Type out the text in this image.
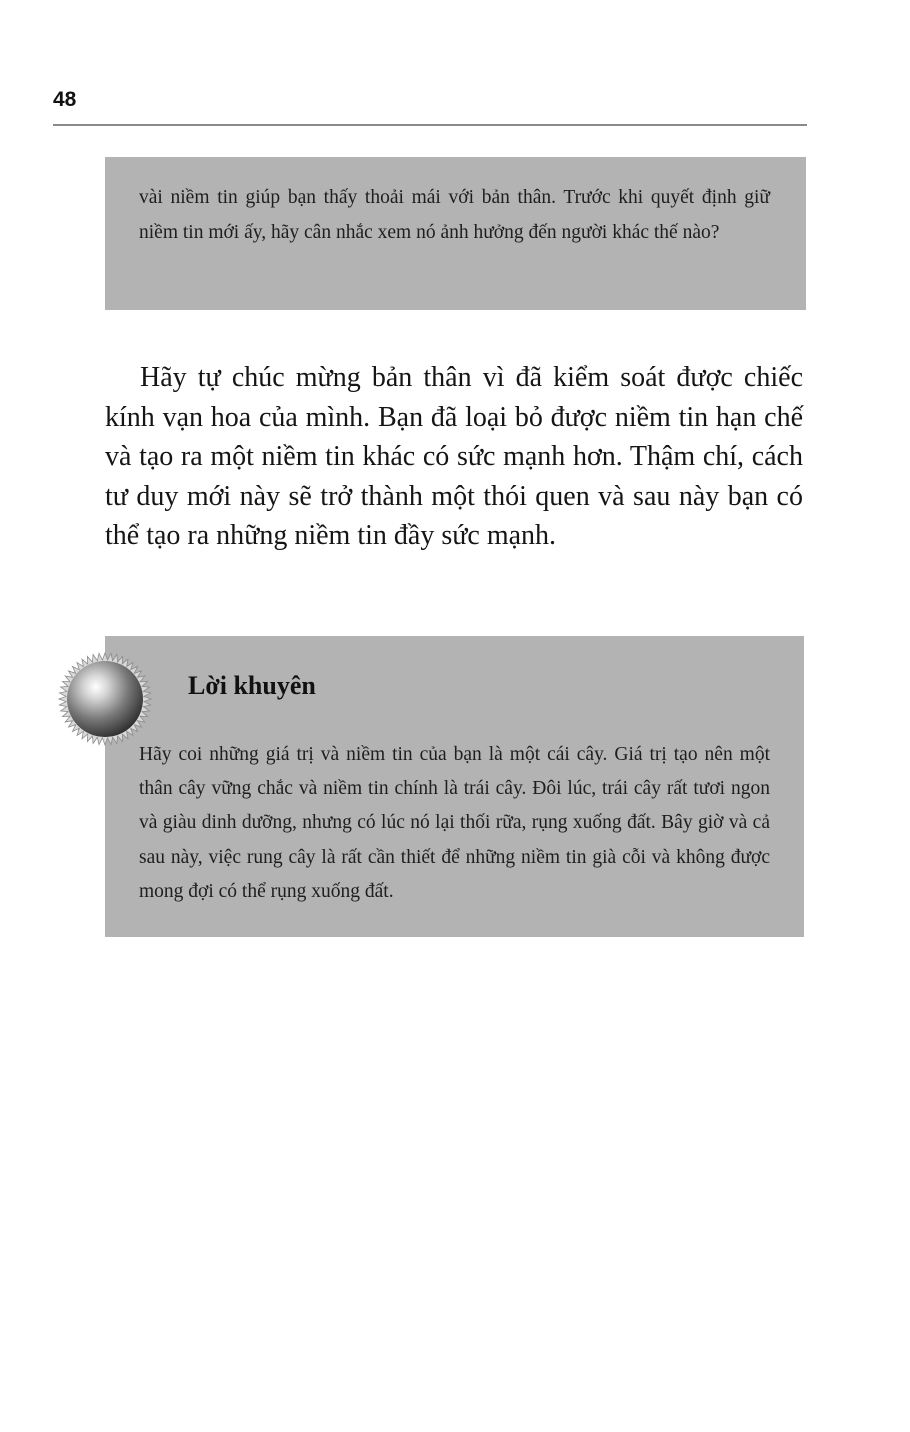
48

vài niềm tin giúp bạn thấy thoải mái với bản thân. Trước khi quyết định giữ niềm tin mới ấy, hãy cân nhắc xem nó ảnh hưởng đến người khác thế nào?

Hãy tự chúc mừng bản thân vì đã kiểm soát được chiếc kính vạn hoa của mình. Bạn đã loại bỏ được niềm tin hạn chế và tạo ra một niềm tin khác có sức mạnh hơn. Thậm chí, cách tư duy mới này sẽ trở thành một thói quen và sau này bạn có thể tạo ra những niềm tin đầy sức mạnh.

Lời khuyên

Hãy coi những giá trị và niềm tin của bạn là một cái cây. Giá trị tạo nên một thân cây vững chắc và niềm tin chính là trái cây. Đôi lúc, trái cây rất tươi ngon và giàu dinh dưỡng, nhưng có lúc nó lại thối rữa, rụng xuống đất. Bây giờ và cả sau này, việc rung cây là rất cần thiết để những niềm tin già cỗi và không được mong đợi có thể rụng xuống đất.
